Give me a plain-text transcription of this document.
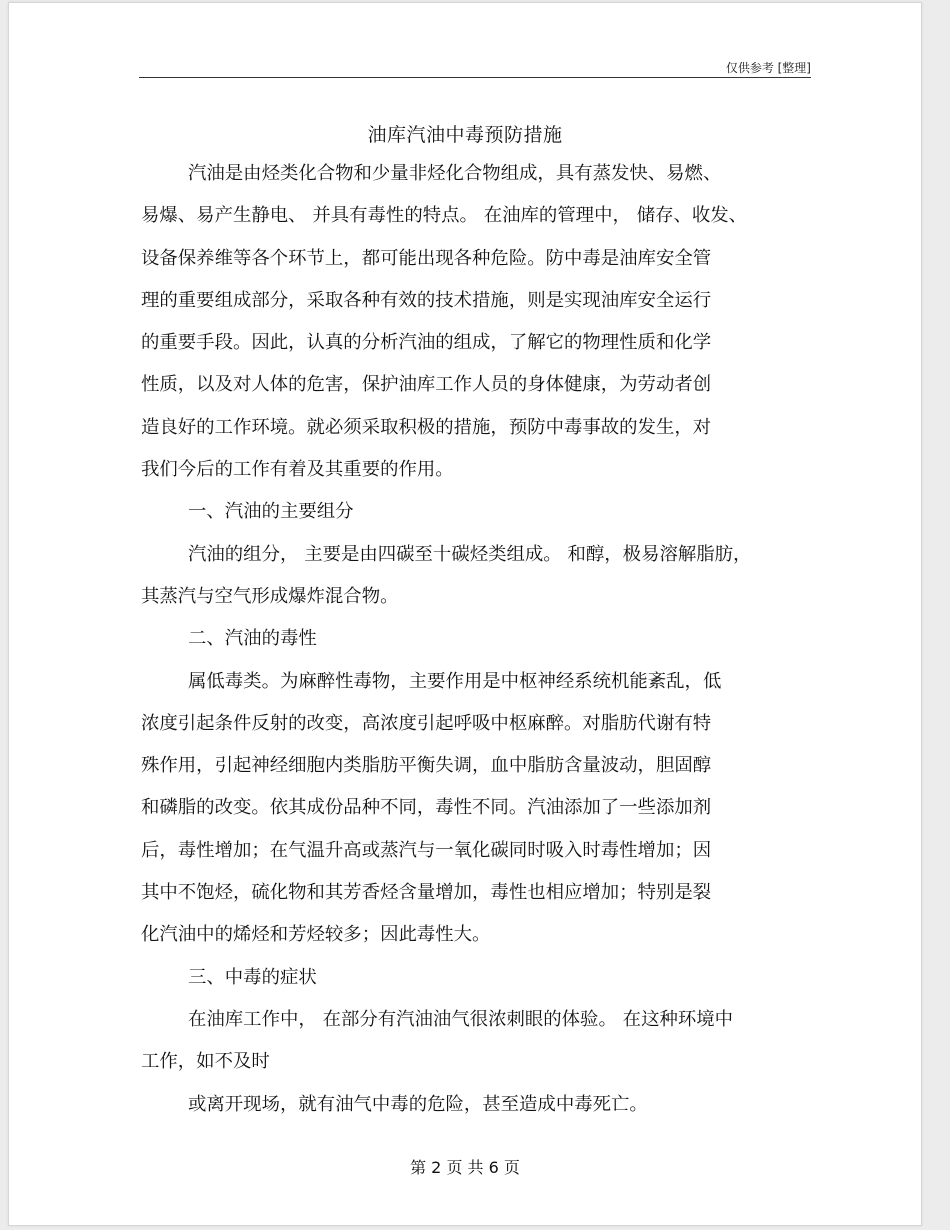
仅供参考 [整理]
油库汽油中毒预防措施
汽油是由烃类化合物和少量非烃化合物组成，具有蒸发快、易燃、
易爆、易产生静电、 并具有毒性的特点。 在油库的管理中， 储存、收发、
设备保养维等各个环节上，都可能出现各种危险。防中毒是油库安全管
理的重要组成部分，采取各种有效的技术措施，则是实现油库安全运行
的重要手段。因此，认真的分析汽油的组成，了解它的物理性质和化学
性质，以及对人体的危害，保护油库工作人员的身体健康，为劳动者创
造良好的工作环境。就必须采取积极的措施，预防中毒事故的发生，对
我们今后的工作有着及其重要的作用。
一、汽油的主要组分
汽油的组分， 主要是由四碳至十碳烃类组成。 和醇，极易溶解脂肪，
其蒸汽与空气形成爆炸混合物。
二、汽油的毒性
属低毒类。为麻醉性毒物，主要作用是中枢神经系统机能紊乱，低
浓度引起条件反射的改变，高浓度引起呼吸中枢麻醉。对脂肪代谢有特
殊作用，引起神经细胞内类脂肪平衡失调，血中脂肪含量波动，胆固醇
和磷脂的改变。依其成份品种不同，毒性不同。汽油添加了一些添加剂
后，毒性增加；在气温升高或蒸汽与一氧化碳同时吸入时毒性增加；因
其中不饱烃，硫化物和其芳香烃含量增加，毒性也相应增加；特别是裂
化汽油中的烯烃和芳烃较多；因此毒性大。
三、中毒的症状
在油库工作中， 在部分有汽油油气很浓刺眼的体验。 在这种环境中
工作，如不及时
或离开现场，就有油气中毒的危险，甚至造成中毒死亡。
第 2 页 共 6 页
